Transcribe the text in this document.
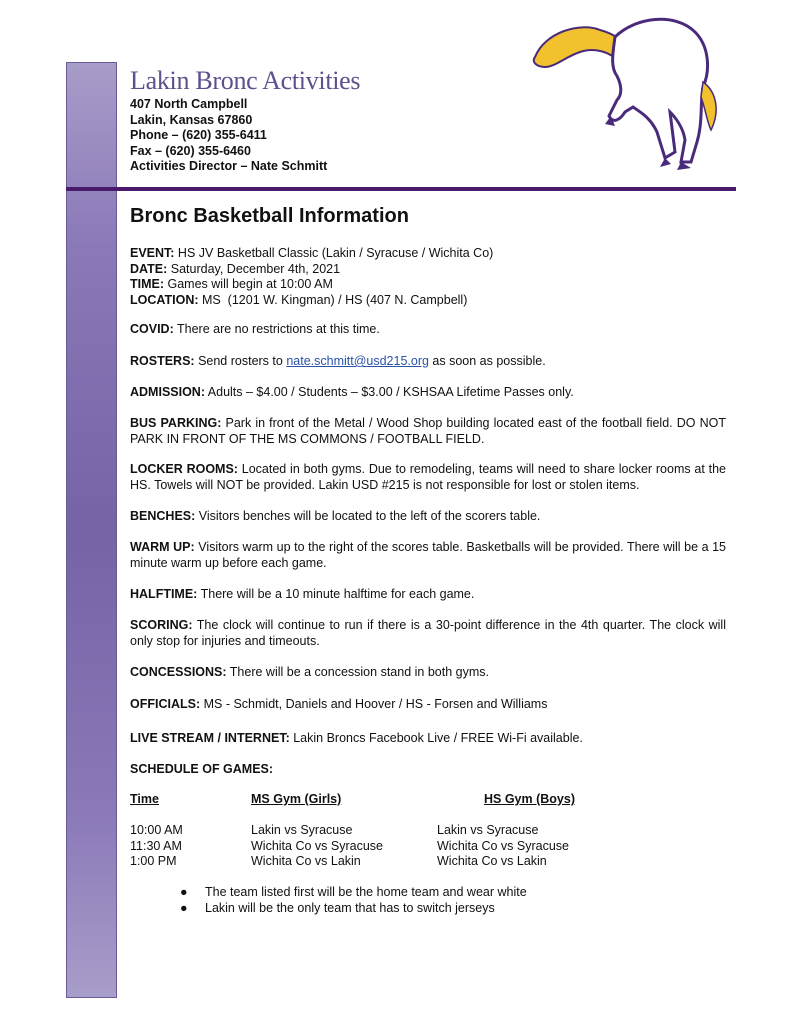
Lakin Bronc Activities
407 North Campbell
Lakin, Kansas 67860
Phone – (620) 355-6411
Fax – (620) 355-6460
Activities Director – Nate Schmitt
Bronc Basketball Information
EVENT: HS JV Basketball Classic (Lakin / Syracuse / Wichita Co)
DATE: Saturday, December 4th, 2021
TIME: Games will begin at 10:00 AM
LOCATION: MS  (1201 W. Kingman) / HS (407 N. Campbell)
COVID: There are no restrictions at this time.
ROSTERS: Send rosters to nate.schmitt@usd215.org as soon as possible.
ADMISSION: Adults – $4.00 / Students – $3.00 / KSHSAA Lifetime Passes only.
BUS PARKING: Park in front of the Metal / Wood Shop building located east of the football field. DO NOT PARK IN FRONT OF THE MS COMMONS / FOOTBALL FIELD.
LOCKER ROOMS: Located in both gyms. Due to remodeling, teams will need to share locker rooms at the HS. Towels will NOT be provided. Lakin USD #215 is not responsible for lost or stolen items.
BENCHES: Visitors benches will be located to the left of the scorers table.
WARM UP: Visitors warm up to the right of the scores table. Basketballs will be provided. There will be a 15 minute warm up before each game.
HALFTIME: There will be a 10 minute halftime for each game.
SCORING: The clock will continue to run if there is a 30-point difference in the 4th quarter. The clock will only stop for injuries and timeouts.
CONCESSIONS: There will be a concession stand in both gyms.
OFFICIALS: MS - Schmidt, Daniels and Hoover / HS - Forsen and Williams
LIVE STREAM / INTERNET: Lakin Broncs Facebook Live / FREE Wi-Fi available.
SCHEDULE OF GAMES:
Time	MS Gym (Girls)	HS Gym (Boys)
10:00 AM	Lakin vs Syracuse	Lakin vs Syracuse
11:30 AM	Wichita Co vs Syracuse	Wichita Co vs Syracuse
1:00 PM	Wichita Co vs Lakin	Wichita Co vs Lakin
● The team listed first will be the home team and wear white
● Lakin will be the only team that has to switch jerseys
